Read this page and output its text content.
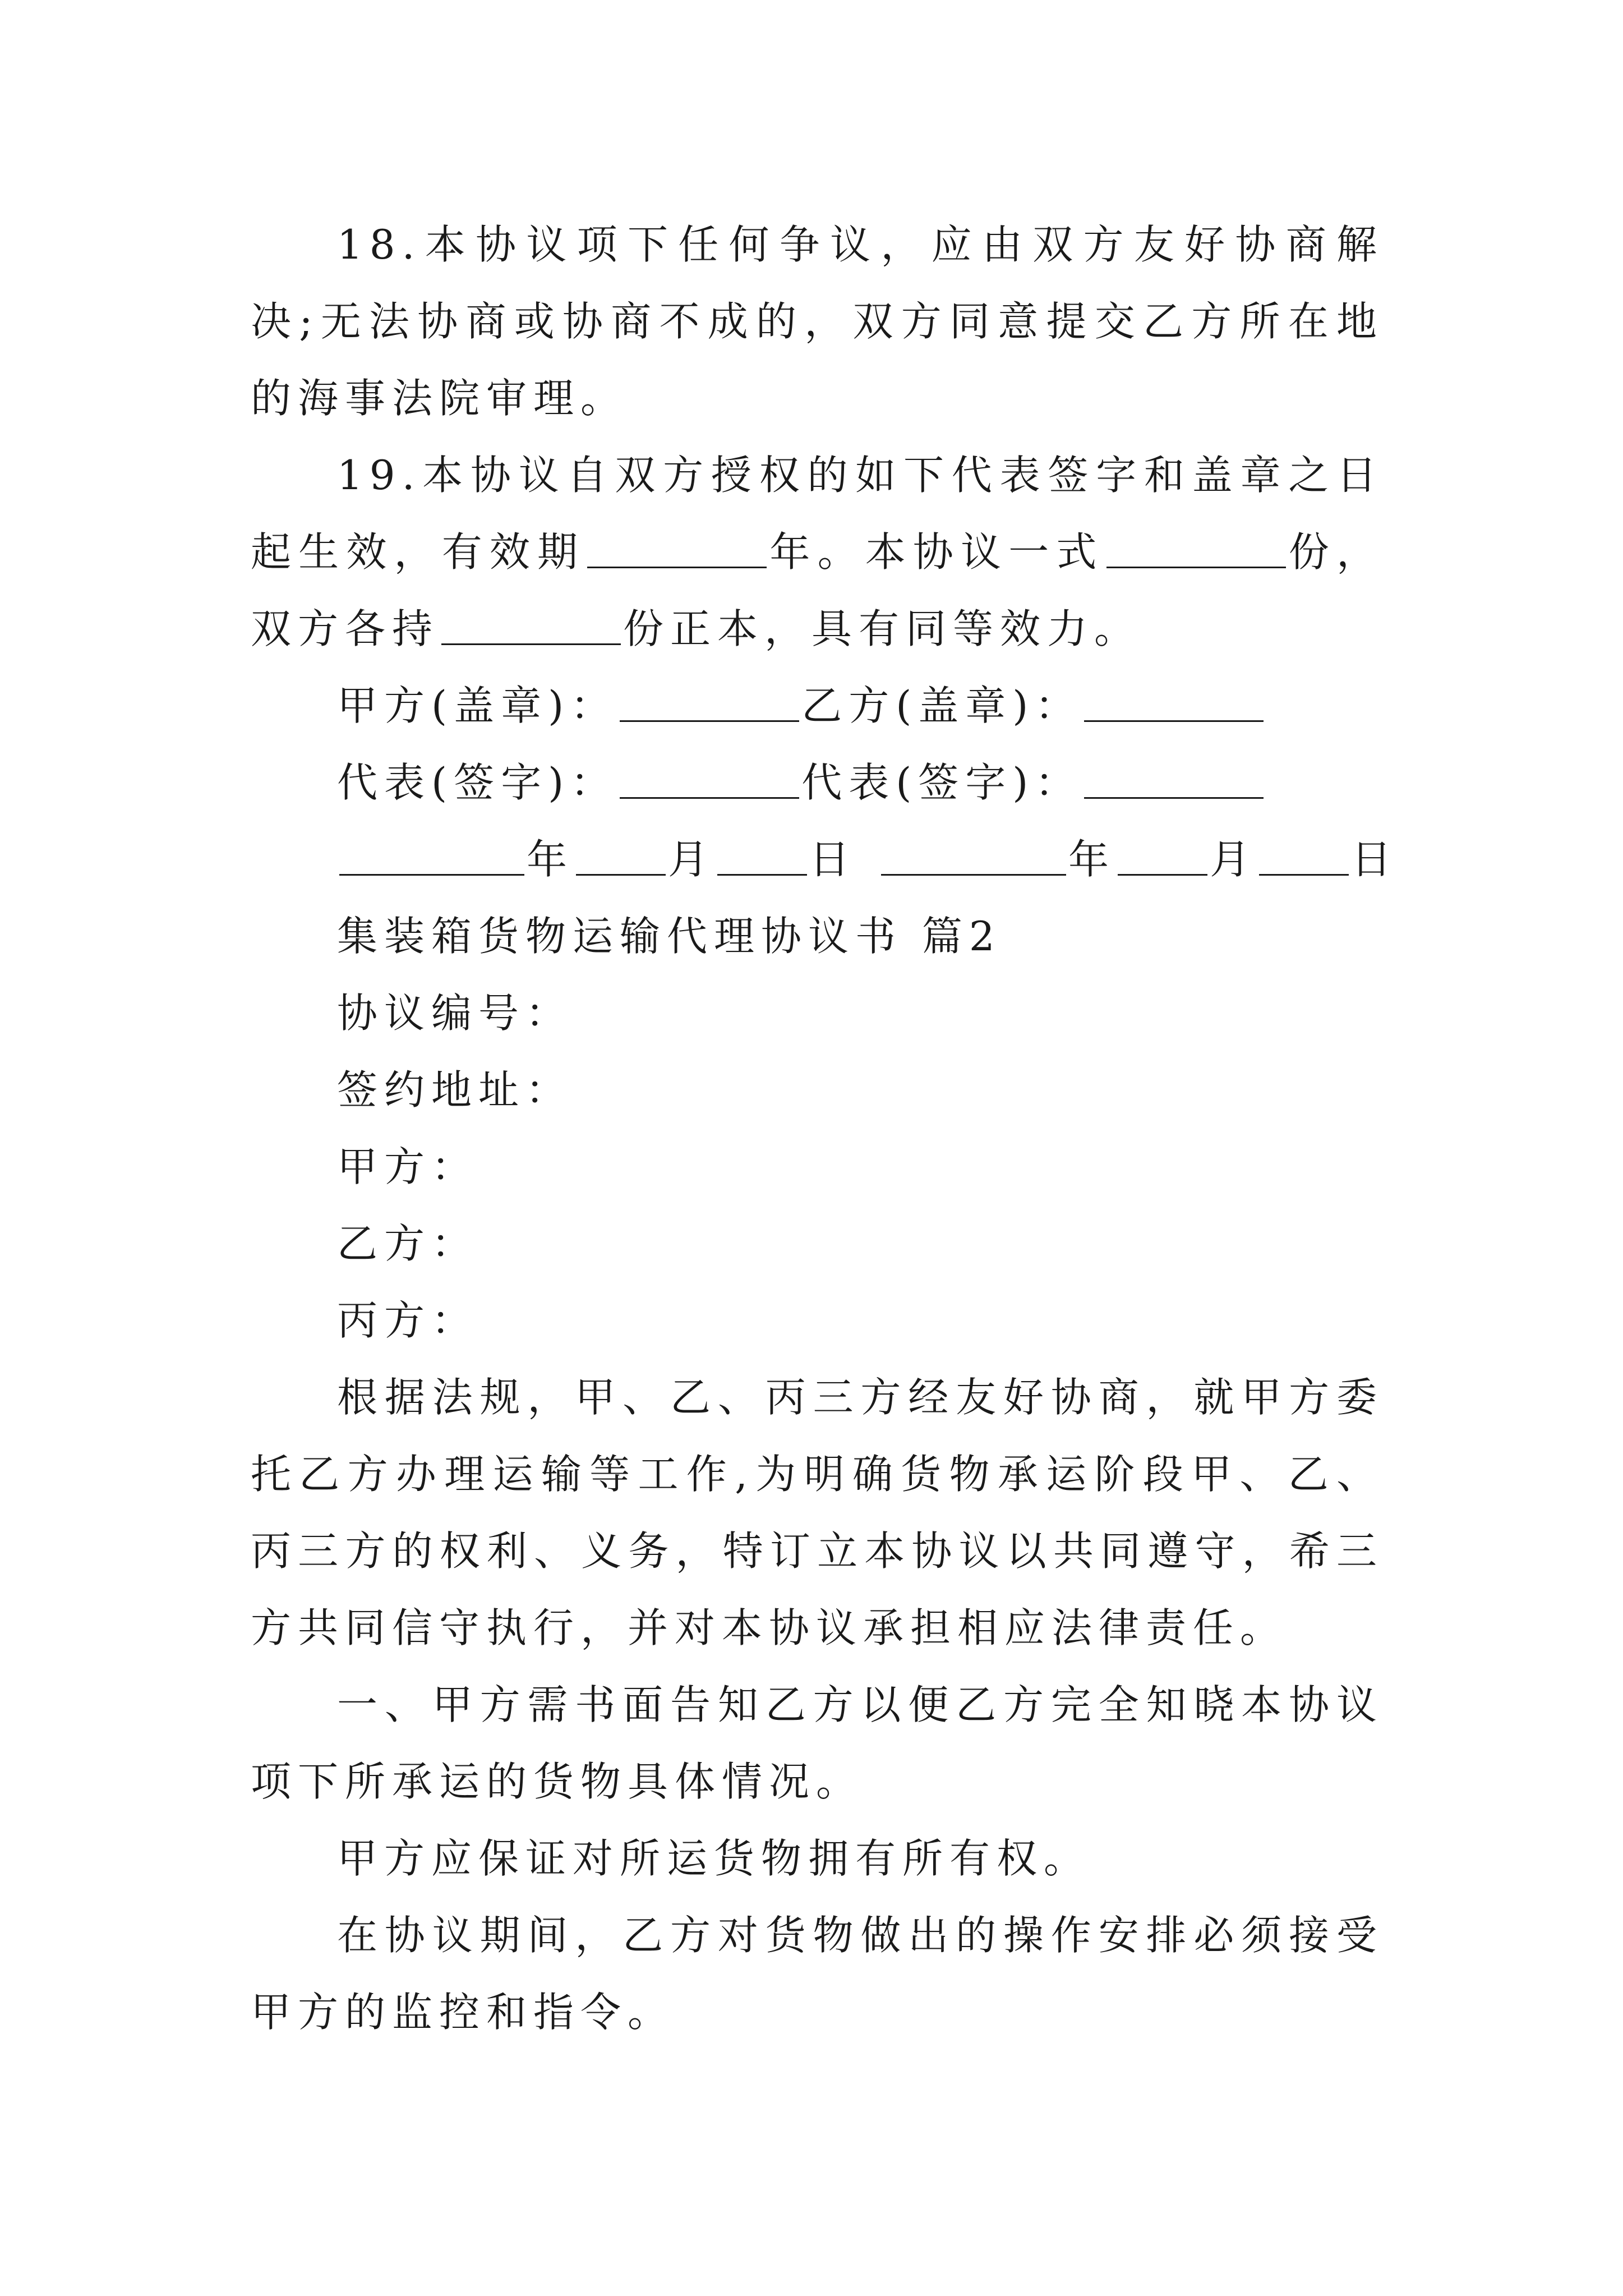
18.本协议项下任何争议，应由双方友好协商解决;无法协商或协商不成的，双方同意提交乙方所在地的海事法院审理。

19.本协议自双方授权的如下代表签字和盖章之日起生效，有效期	年。本协议一式	份，双方各持	份正本，具有同等效力。

甲方(盖章)：	乙方(盖章)：

代表(签字)：	代表(签字)：

年 月 日	年 月 日

集装箱货物运输代理协议书 篇2

协议编号：

签约地址：

甲方：

乙方：

丙方：

根据法规，甲、乙、丙三方经友好协商，就甲方委托乙方办理运输等工作,为明确货物承运阶段甲、乙、丙三方的权利、义务，特订立本协议以共同遵守，希三方共同信守执行，并对本协议承担相应法律责任。

一、甲方需书面告知乙方以便乙方完全知晓本协议项下所承运的货物具体情况。

甲方应保证对所运货物拥有所有权。

在协议期间，乙方对货物做出的操作安排必须接受甲方的监控和指令。
